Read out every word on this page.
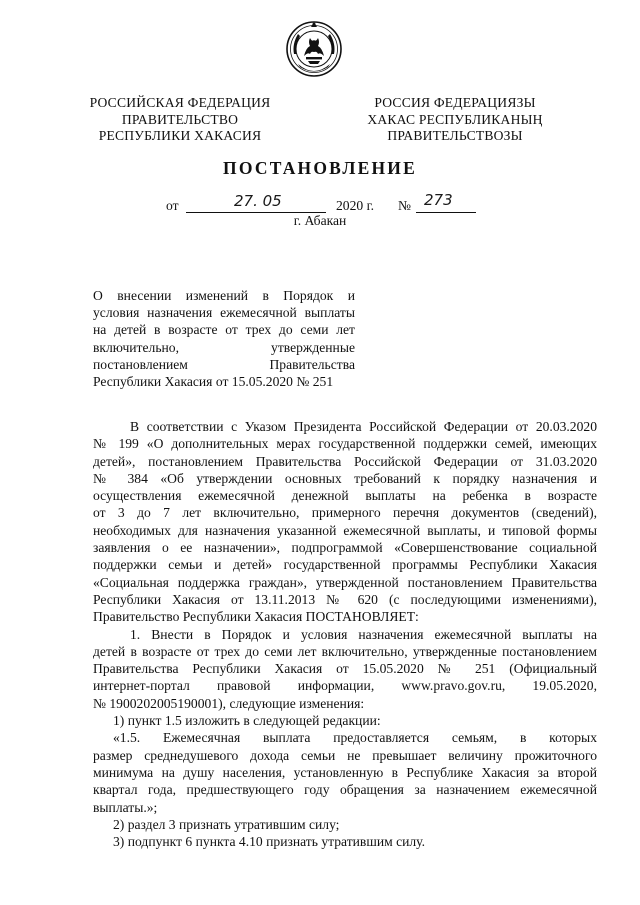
РОССИЙСКАЯ ФЕДЕРАЦИЯ
ПРАВИТЕЛЬСТВО
РЕСПУБЛИКИ ХАКАСИЯ
РОССИЯ ФЕДЕРАЦИЯЗЫ
ХАКАС РЕСПУБЛИКАНЫҢ
ПРАВИТЕЛЬСТВОЗЫ
ПОСТАНОВЛЕНИЕ
от	27. 05	2020 г. № 273
г. Абакан
О внесении изменений в Порядок и
условия назначения ежемесячной выплаты
на детей в возрасте от трех до семи лет
включительно, утвержденные
постановлением Правительства
Республики Хакасия от 15.05.2020 № 251
В соответствии с Указом Президента Российской Федерации от 20.03.2020
№ 199 «О дополнительных мерах государственной поддержки семей, имеющих
детей», постановлением Правительства Российской Федерации от 31.03.2020
№ 384 «Об утверждении основных требований к порядку назначения и
осуществления ежемесячной денежной выплаты на ребенка в возрасте
от 3 до 7 лет включительно, примерного перечня документов (сведений),
необходимых для назначения указанной ежемесячной выплаты, и типовой формы
заявления о ее назначении», подпрограммой «Совершенствование социальной
поддержки семьи и детей» государственной программы Республики Хакасия
«Социальная поддержка граждан», утвержденной постановлением Правительства
Республики Хакасия от 13.11.2013 № 620 (с последующими изменениями),
Правительство Республики Хакасия ПОСТАНОВЛЯЕТ:
1. Внести в Порядок и условия назначения ежемесячной выплаты на
детей в возрасте от трех до семи лет включительно, утвержденные постановлением
Правительства Республики Хакасия от 15.05.2020 № 251 (Официальный
интернет-портал правовой информации, www.pravo.gov.ru, 19.05.2020,
№ 1900202005190001), следующие изменения:
1) пункт 1.5 изложить в следующей редакции:
«1.5. Ежемесячная выплата предоставляется семьям, в которых
размер среднедушевого дохода семьи не превышает величину прожиточного
минимума на душу населения, установленную в Республике Хакасия за второй
квартал года, предшествующего году обращения за назначением ежемесячной
выплаты.»;
2) раздел 3 признать утратившим силу;
3) подпункт 6 пункта 4.10 признать утратившим силу.
